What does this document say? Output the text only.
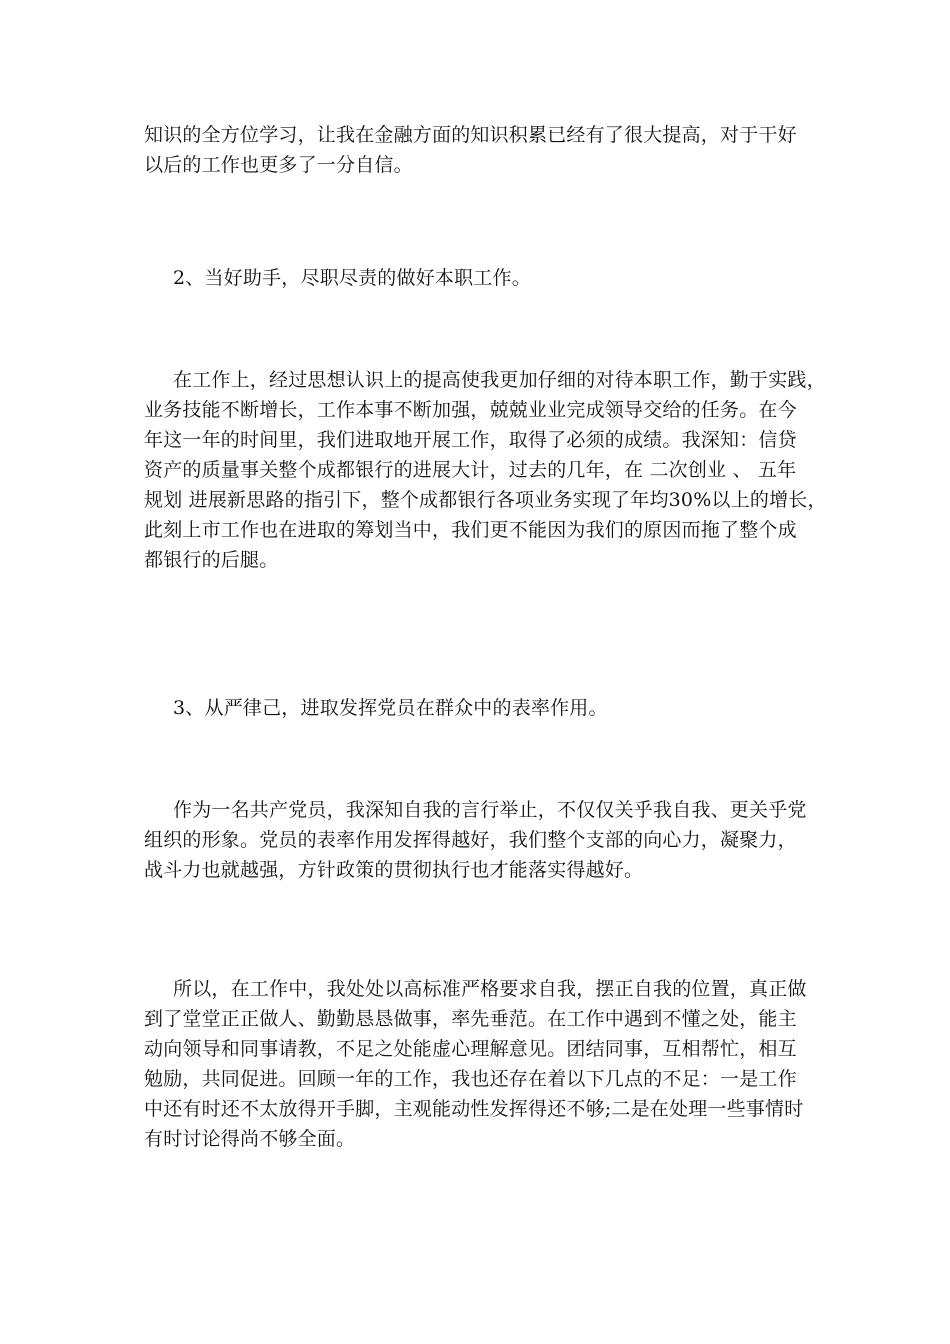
知识的全方位学习，让我在金融方面的知识积累已经有了很大提高，对于干好
以后的工作也更多了一分自信。
2、当好助手，尽职尽责的做好本职工作。
在工作上，经过思想认识上的提高使我更加仔细的对待本职工作，勤于实践，
业务技能不断增长，工作本事不断加强，兢兢业业完成领导交给的任务。在今
年这一年的时间里，我们进取地开展工作，取得了必须的成绩。我深知：信贷
资产的质量事关整个成都银行的进展大计，过去的几年，在 二次创业 、 五年
规划 进展新思路的指引下，整个成都银行各项业务实现了年均30%以上的增长，
此刻上市工作也在进取的筹划当中，我们更不能因为我们的原因而拖了整个成
都银行的后腿。
3、从严律己，进取发挥党员在群众中的表率作用。
作为一名共产党员，我深知自我的言行举止，不仅仅关乎我自我、更关乎党
组织的形象。党员的表率作用发挥得越好，我们整个支部的向心力，凝聚力，
战斗力也就越强，方针政策的贯彻执行也才能落实得越好。
所以，在工作中，我处处以高标准严格要求自我，摆正自我的位置，真正做
到了堂堂正正做人、勤勤恳恳做事，率先垂范。在工作中遇到不懂之处，能主
动向领导和同事请教，不足之处能虚心理解意见。团结同事，互相帮忙，相互
勉励，共同促进。回顾一年的工作，我也还存在着以下几点的不足：一是工作
中还有时还不太放得开手脚，主观能动性发挥得还不够;二是在处理一些事情时
有时讨论得尚不够全面。
